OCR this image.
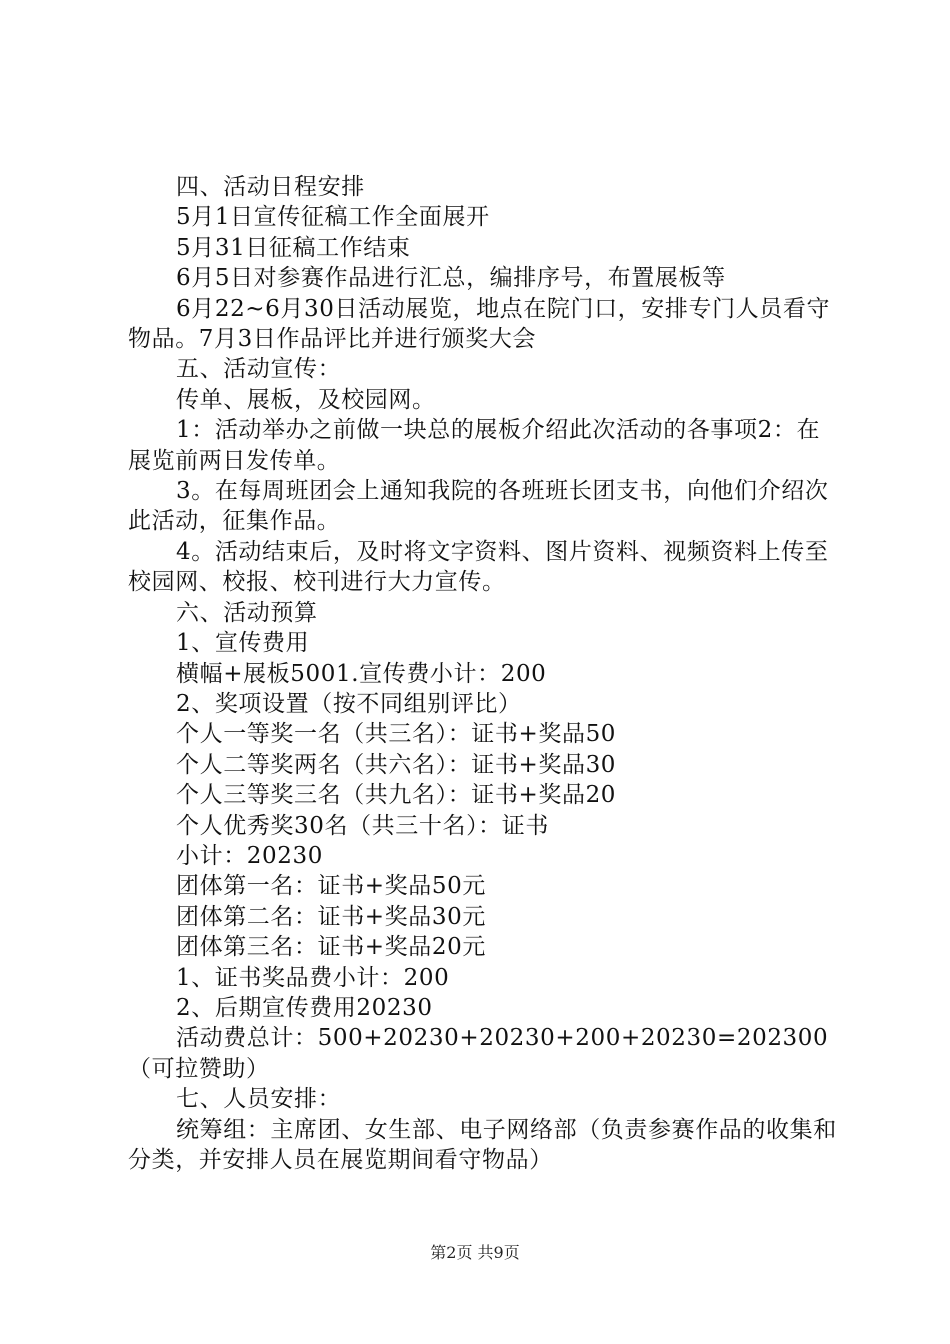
四、活动日程安排

5月1日宣传征稿工作全面展开

5月31日征稿工作结束

6月5日对参赛作品进行汇总，编排序号，布置展板等

6月22~6月30日活动展览，地点在院门口，安排专门人员看守物品。7月3日作品评比并进行颁奖大会

五、活动宣传：

传单、展板，及校园网。

1：活动举办之前做一块总的展板介绍此次活动的各事项2：在展览前两日发传单。

3。在每周班团会上通知我院的各班班长团支书，向他们介绍次此活动，征集作品。

4。活动结束后，及时将文字资料、图片资料、视频资料上传至校园网、校报、校刊进行大力宣传。

六、活动预算

1、宣传费用

横幅+展板5001.宣传费小计：200

2、奖项设置（按不同组别评比）

个人一等奖一名（共三名）：证书+奖品50

个人二等奖两名（共六名）：证书+奖品30

个人三等奖三名（共九名）：证书+奖品20

个人优秀奖30名（共三十名）：证书

小计：20230

团体第一名：证书+奖品50元

团体第二名：证书+奖品30元

团体第三名：证书+奖品20元

1、证书奖品费小计：200

2、后期宣传费用20230

活动费总计：500+20230+20230+200+20230=202300（可拉赞助）

七、人员安排：

统筹组：主席团、女生部、电子网络部（负责参赛作品的收集和分类，并安排人员在展览期间看守物品）

第2页 共9页
